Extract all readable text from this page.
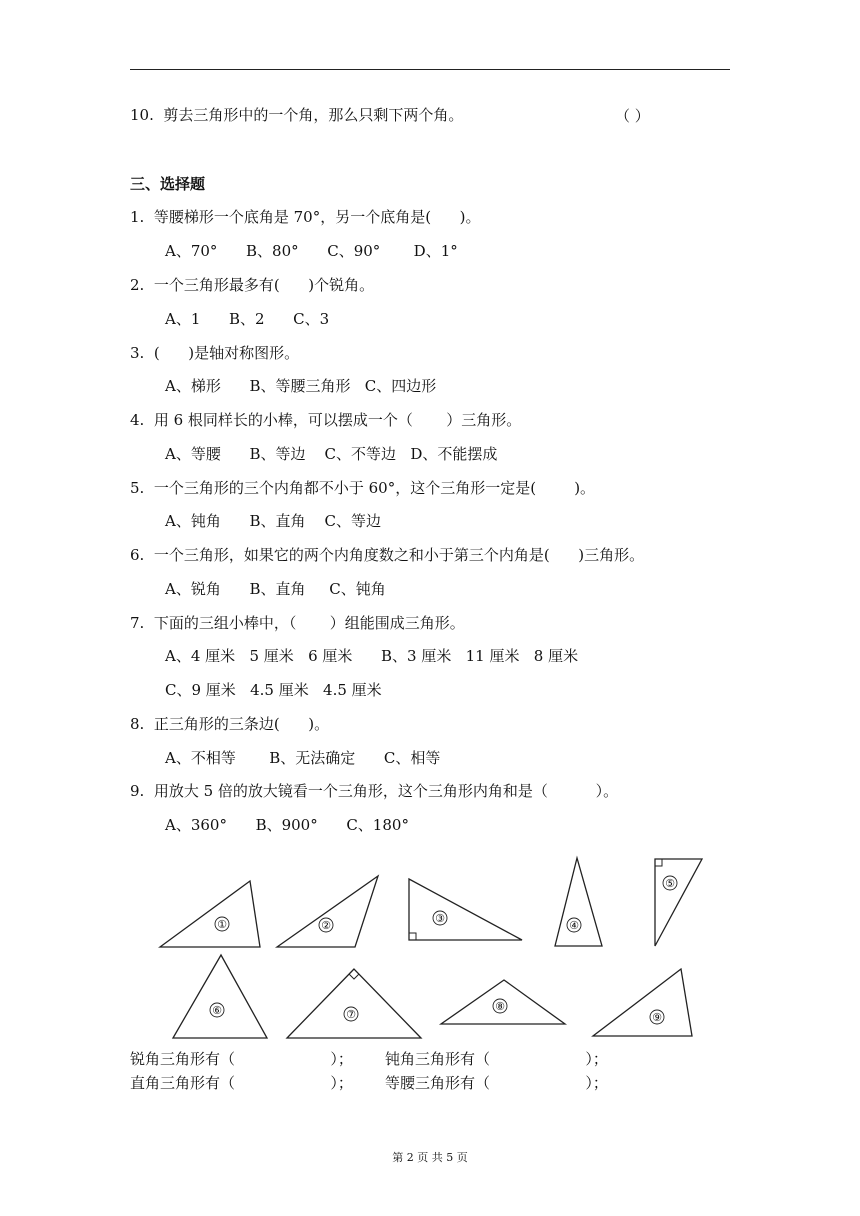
10.  剪去三角形中的一个角，那么只剩下两个角。	（ ）
三、选择题
1.  等腰梯形一个底角是 70°，另一个底角是(      )。
A、70°      B、80°      C、90°       D、1°
2.  一个三角形最多有(      )个锐角。
A、1      B、2      C、3
3.  (      )是轴对称图形。
A、梯形      B、等腰三角形   C、四边形
4.  用 6 根同样长的小棒，可以摆成一个（       ）三角形。
A、等腰      B、等边    C、不等边   D、不能摆成
5.  一个三角形的三个内角都不小于 60°，这个三角形一定是(        )。
A、钝角      B、直角    C、等边
6.  一个三角形，如果它的两个内角度数之和小于第三个内角是(      )三角形。
A、锐角      B、直角     C、钝角
7.  下面的三组小棒中，（       ）组能围成三角形。
A、4 厘米   5 厘米   6 厘米      B、3 厘米   11 厘米   8 厘米
C、9 厘米   4.5 厘米   4.5 厘米
8.  正三角形的三条边(      )。
A、不相等       B、无法确定      C、相等
9.  用放大 5 倍的放大镜看一个三角形，这个三角形内角和是（          ）。
A、360°      B、900°      C、180°
①	②
③
④
⑤
⑥	⑦
⑧
⑨
锐角三角形有（                    ）； 钝角三角形有（                    ）；
直角三角形有（                    ）； 等腰三角形有（                    ）；
第 2 页 共 5 页
